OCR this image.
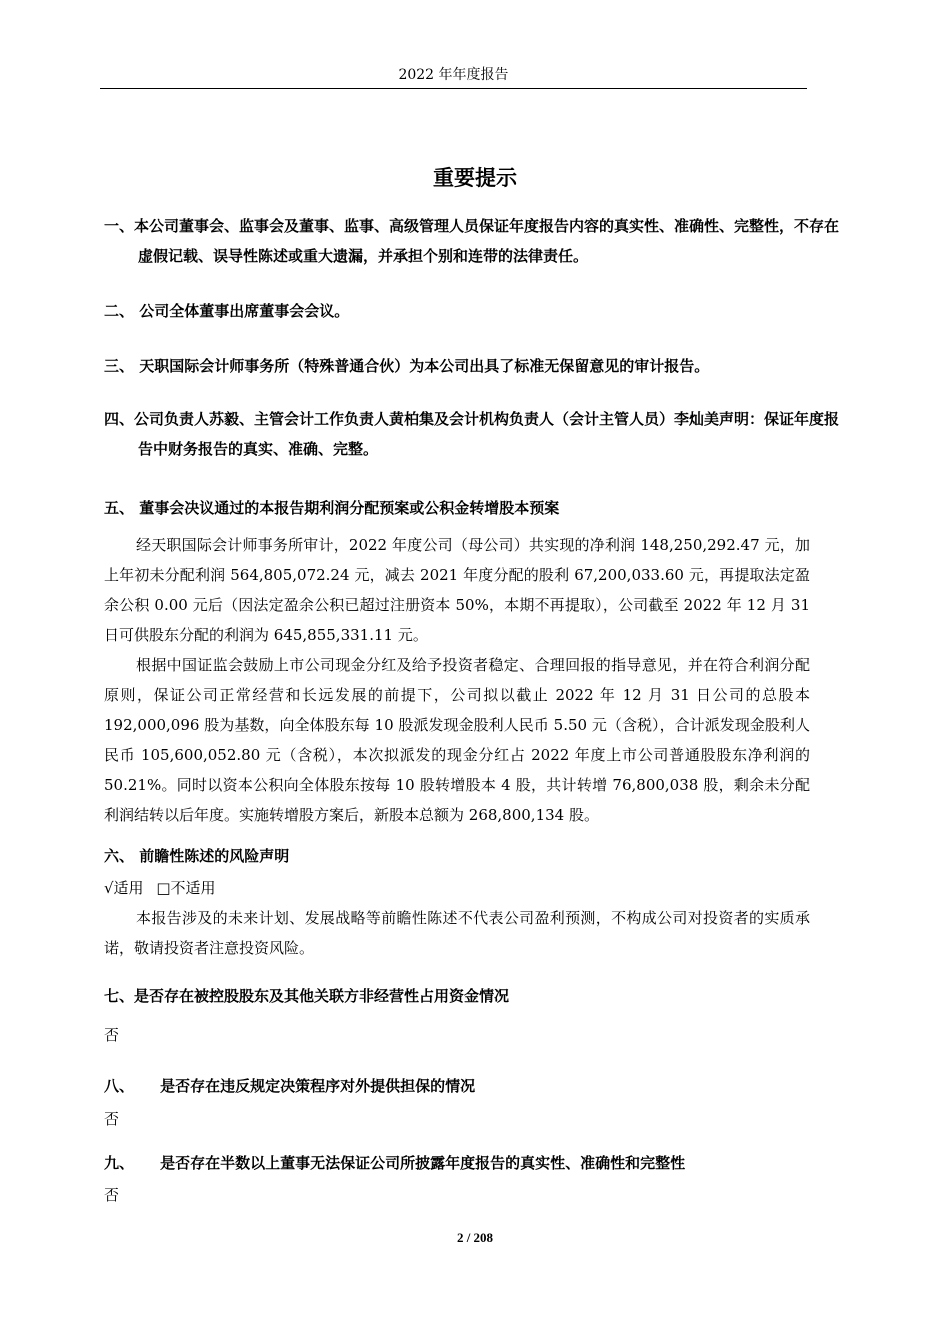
2022 年年度报告
重要提示
一、本公司董事会、监事会及董事、监事、高级管理人员保证年度报告内容的真实性、准确性、完整性，不存在虚假记载、误导性陈述或重大遗漏，并承担个别和连带的法律责任。
二、 公司全体董事出席董事会会议。
三、 天职国际会计师事务所（特殊普通合伙）为本公司出具了标准无保留意见的审计报告。
四、公司负责人苏毅、主管会计工作负责人黄柏集及会计机构负责人（会计主管人员）李灿美声明：保证年度报告中财务报告的真实、准确、完整。
五、 董事会决议通过的本报告期利润分配预案或公积金转增股本预案
经天职国际会计师事务所审计，2022 年度公司（母公司）共实现的净利润 148,250,292.47 元，加上年初未分配利润 564,805,072.24 元，减去 2021 年度分配的股利 67,200,033.60 元，再提取法定盈余公积 0.00 元后（因法定盈余公积已超过注册资本 50%，本期不再提取），公司截至 2022 年 12 月 31 日可供股东分配的利润为 645,855,331.11 元。
根据中国证监会鼓励上市公司现金分红及给予投资者稳定、合理回报的指导意见，并在符合利润分配原则，保证公司正常经营和长远发展的前提下，公司拟以截止 2022 年 12 月 31 日公司的总股本 192,000,096 股为基数，向全体股东每 10 股派发现金股利人民币 5.50 元（含税），合计派发现金股利人民币 105,600,052.80 元（含税），本次拟派发的现金分红占 2022 年度上市公司普通股股东净利润的 50.21%。同时以资本公积向全体股东按每 10 股转增股本 4 股，共计转增 76,800,038 股，剩余未分配利润结转以后年度。实施转增股方案后，新股本总额为 268,800,134 股。
六、 前瞻性陈述的风险声明
√适用 □不适用
本报告涉及的未来计划、发展战略等前瞻性陈述不代表公司盈利预测，不构成公司对投资者的实质承诺，敬请投资者注意投资风险。
七、是否存在被控股股东及其他关联方非经营性占用资金情况
否
八、     是否存在违反规定决策程序对外提供担保的情况
否
九、     是否存在半数以上董事无法保证公司所披露年度报告的真实性、准确性和完整性
否
2 / 208
